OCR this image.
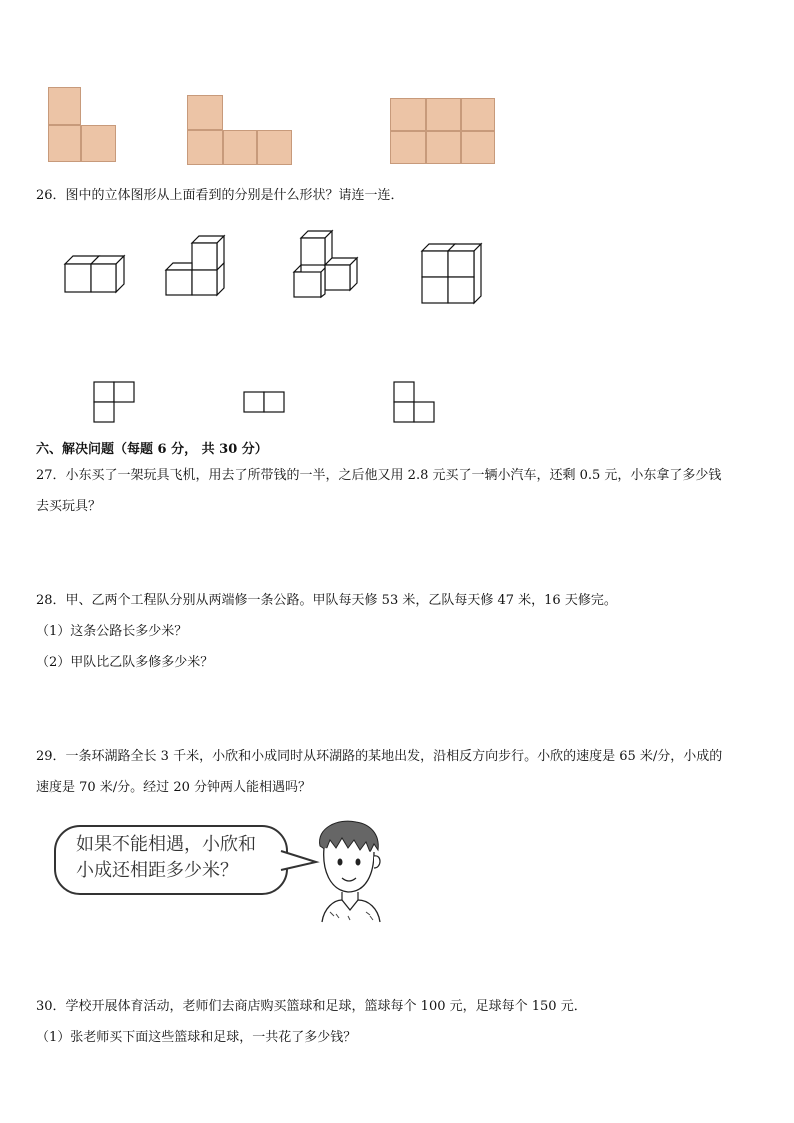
26．图中的立体图形从上面看到的分别是什么形状？请连一连．
六、解决问题（每题 6 分， 共 30 分）
27．小东买了一架玩具飞机，用去了所带钱的一半，之后他又用 2.8 元买了一辆小汽车，还剩 0.5 元，小东拿了多少钱
去买玩具？
28．甲、乙两个工程队分别从两端修一条公路。甲队每天修 53 米，乙队每天修 47 米，16 天修完。
（1）这条公路长多少米？
（2）甲队比乙队多修多少米？
29．一条环湖路全长 3 千米，小欣和小成同时从环湖路的某地出发，沿相反方向步行。小欣的速度是 65 米/分，小成的
速度是 70 米/分。经过 20 分钟两人能相遇吗？
如果不能相遇，小欣和
小成还相距多少米？
30．学校开展体育活动，老师们去商店购买篮球和足球，篮球每个 100 元，足球每个 150 元．
（1）张老师买下面这些篮球和足球，一共花了多少钱？
